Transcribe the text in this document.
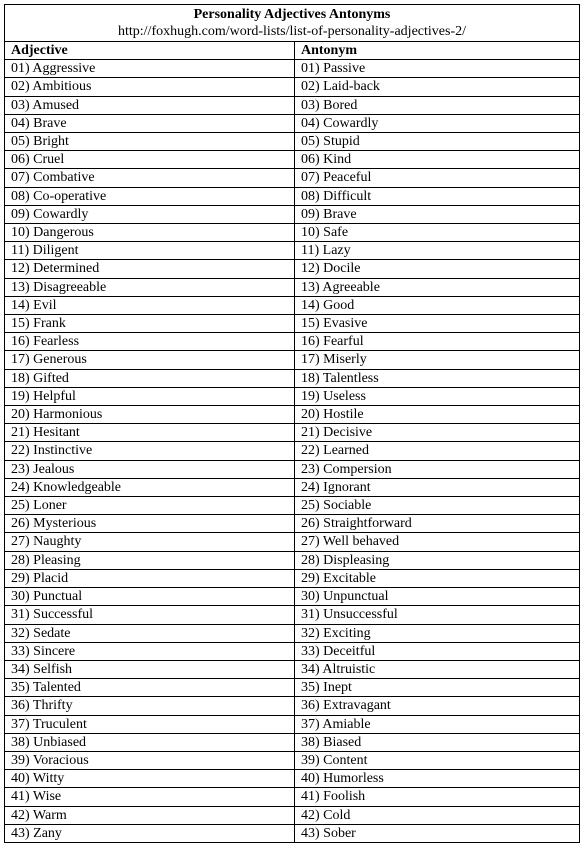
Personality Adjectives Antonyms
http://foxhugh.com/word-lists/list-of-personality-adjectives-2/	

Adjective	Antonym
01) Aggressive	01) Passive
02) Ambitious	02) Laid-back
03) Amused	03) Bored
04) Brave	04) Cowardly
05) Bright	05) Stupid
06) Cruel	06) Kind
07) Combative	07) Peaceful
08) Co-operative	08) Difficult
09) Cowardly	09) Brave
10) Dangerous	10) Safe
11) Diligent	11) Lazy
12) Determined	12) Docile
13) Disagreeable	13) Agreeable
14) Evil	14) Good
15) Frank	15) Evasive
16) Fearless	16) Fearful
17) Generous	17) Miserly
18) Gifted	18) Talentless
19) Helpful	19) Useless
20) Harmonious	20) Hostile
21) Hesitant	21) Decisive
22) Instinctive	22) Learned
23) Jealous	23) Compersion
24) Knowledgeable	24) Ignorant
25) Loner	25) Sociable
26) Mysterious	26) Straightforward
27) Naughty	27) Well behaved
28) Pleasing	28) Displeasing
29) Placid	29) Excitable
30) Punctual	30) Unpunctual
31) Successful	31) Unsuccessful
32) Sedate	32) Exciting
33) Sincere	33) Deceitful
34) Selfish	34) Altruistic
35) Talented	35) Inept
36) Thrifty	36) Extravagant
37) Truculent	37) Amiable
38) Unbiased	38) Biased
39) Voracious	39) Content
40) Witty	40) Humorless
41) Wise	41) Foolish
42) Warm	42) Cold
43) Zany	43) Sober
